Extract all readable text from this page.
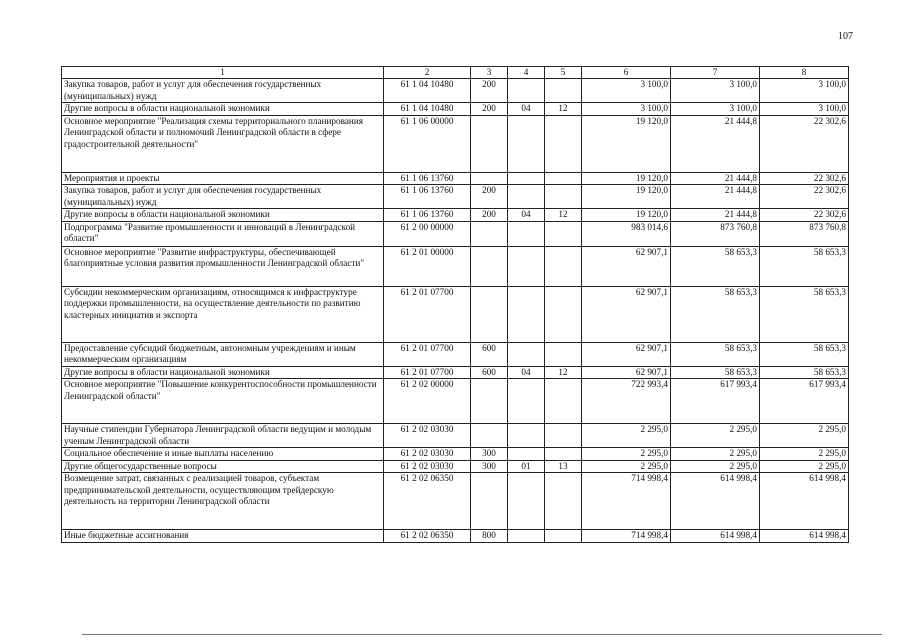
107
1	2	3	4	5	6	7	8
Закупка товаров, работ и услуг для обеспечения государственных (муниципальных) нужд	61 1 04 10480	200			3 100,0	3 100,0	3 100,0
Другие вопросы в области национальной экономики	61 1 04 10480	200	04	12	3 100,0	3 100,0	3 100,0
Основное мероприятие "Реализация схемы территориального планирования Ленинградской области и полномочий Ленинградской области в сфере градостроительной деятельности"	61 1 06 00000				19 120,0	21 444,8	22 302,6
Мероприятия и проекты	61 1 06 13760				19 120,0	21 444,8	22 302,6
Закупка товаров, работ и услуг для обеспечения государственных (муниципальных) нужд	61 1 06 13760	200			19 120,0	21 444,8	22 302,6
Другие вопросы в области национальной экономики	61 1 06 13760	200	04	12	19 120,0	21 444,8	22 302,6
Подпрограмма "Развитие промышленности и инноваций в Ленинградской области"	61 2 00 00000				983 014,6	873 760,8	873 760,8
Основное мероприятие "Развитие инфраструктуры, обеспечивающей благоприятные условия развития промышленности Ленинградской области"	61 2 01 00000				62 907,1	58 653,3	58 653,3
Субсидии некоммерческим организациям, относящимся к инфраструктуре поддержки промышленности, на осуществление деятельности по развитию кластерных инициатив и экспорта	61 2 01 07700				62 907,1	58 653,3	58 653,3
Предоставление субсидий бюджетным, автономным учреждениям и иным некоммерческим организациям	61 2 01 07700	600			62 907,1	58 653,3	58 653,3
Другие вопросы в области национальной экономики	61 2 01 07700	600	04	12	62 907,1	58 653,3	58 653,3
Основное мероприятие "Повышение конкурентоспособности промышленности Ленинградской области"	61 2 02 00000				722 993,4	617 993,4	617 993,4
Научные стипендии Губернатора Ленинградской области ведущим и молодым ученым Ленинградской области	61 2 02 03030				2 295,0	2 295,0	2 295,0
Социальное обеспечение и иные выплаты населению	61 2 02 03030	300			2 295,0	2 295,0	2 295,0
Другие общегосударственные вопросы	61 2 02 03030	300	01	13	2 295,0	2 295,0	2 295,0
Возмещение затрат, связанных с реализацией товаров, субъектам предпринимательской деятельности, осуществляющим трейдерскую деятельность на территории Ленинградской области	61 2 02 06350				714 998,4	614 998,4	614 998,4
Иные бюджетные ассигнования	61 2 02 06350	800			714 998,4	614 998,4	614 998,4
